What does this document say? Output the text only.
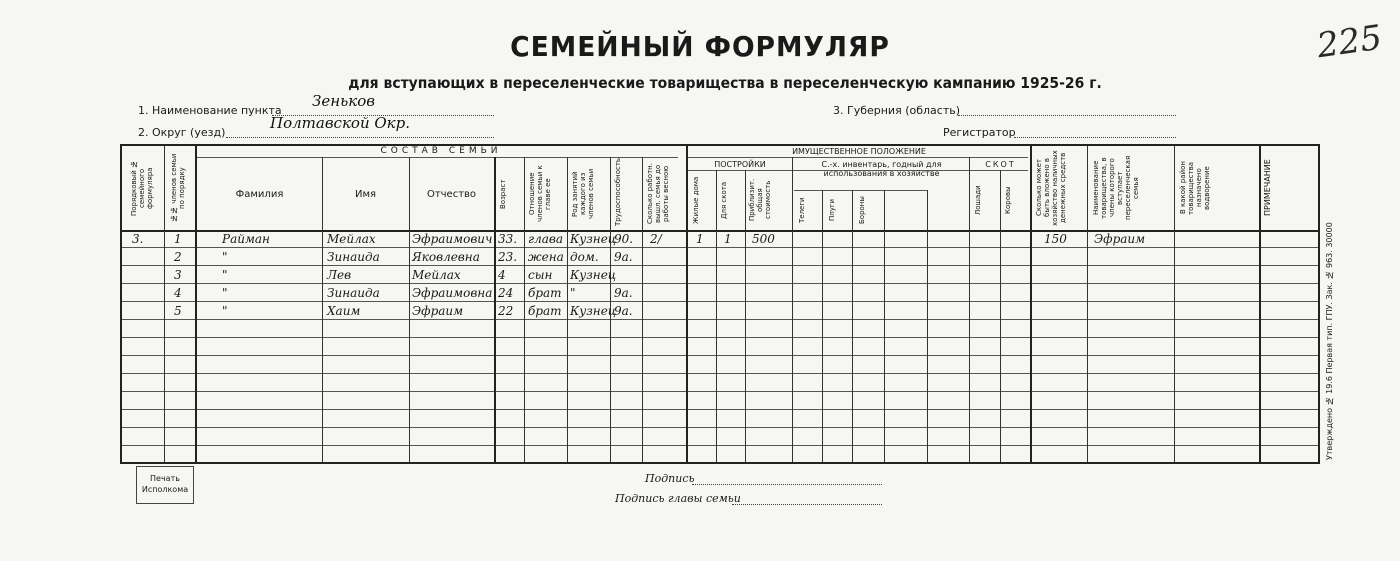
СЕМЕЙНЫЙ ФОРМУЛЯР
для вступающих в переселенческие товарищества в переселенческую кампанию 1925-26 г.
225
1. Наименование пункта
Зеньков
2. Округ (уезд)
Полтавской Окр.
3. Губерния (область)
Регистратор
Порядковый № семейного формуляра	№№ членов семьи по порядку
СОСТАВ СЕМЬИ
Фамилия	Имя	Отчество	Возраст	Отношение членов семьи к главе ее	Род занятий каждого из членов семьи	Трудоспособность	Сколько работн. вышл. семья до работы весною
ИМУЩЕСТВЕННОЕ ПОЛОЖЕНИЕ
ПОСТРОЙКИ
Жилые дома	Для скота	Приблизит. общая стоимость
С.-х. инвентарь, годный для использования в хозяйстве
Телеги	Плуги	Бороны
СКОТ
Лошади	Коровы	Сколько может быть вложено в хозяйство наличных денежных средств	Наименование товарищества, в члены которого вступает переселенческая семья	В какой район товарищества назначено водворение	ПРИМЕЧАНИЕ
3.	1	Райман	Мейлах	Эфраимович 33. глава Кузнец
90. 2/	1 1 500	150 Эфраим
2	"	Зинаида	Яковлевна 23. жена дом. 9а.
3	"	Лев	Мейлах	4 сын Кузнец
4	"	Зинаида	Эфраимовна 24 брат "	9а.
5	"	Хаим	Эфраим	22 брат Кузнец
9а.	Утверждено № 19.6 Первая тип. ГПУ. Зак. № 963. 30000
Печать Исполкома
Подпись
Подпись главы семьи
